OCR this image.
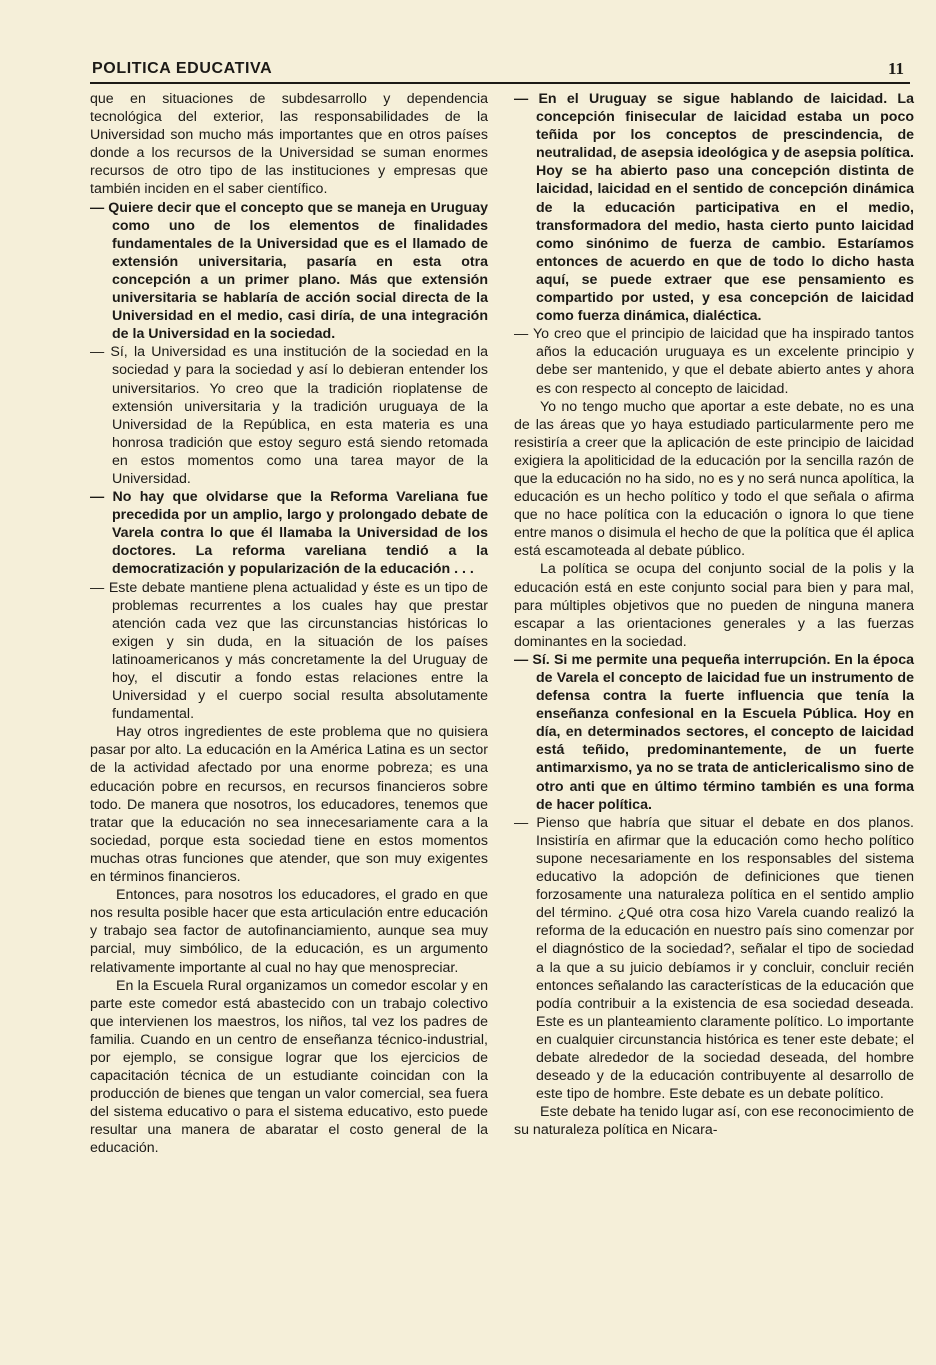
POLITICA EDUCATIVA	11

que en situaciones de subdesarrollo y dependencia tecnológica del exterior, las responsabilidades de la Universidad son mucho más importantes que en otros países donde a los recursos de la Universidad se suman enormes recursos de otro tipo de las instituciones y empresas que también inciden en el saber científico.

— Quiere decir que el concepto que se maneja en Uruguay como uno de los elementos de finalidades fundamentales de la Universidad que es el llamado de extensión universitaria, pasaría en esta otra concepción a un primer plano. Más que extensión universitaria se hablaría de acción social directa de la Universidad en el medio, casi diría, de una integración de la Universidad en la sociedad.

— Sí, la Universidad es una institución de la sociedad en la sociedad y para la sociedad y así lo debieran entender los universitarios. Yo creo que la tradición rioplatense de extensión universitaria y la tradición uruguaya de la Universidad de la República, en esta materia es una honrosa tradición que estoy seguro está siendo retomada en estos momentos como una tarea mayor de la Universidad.

— No hay que olvidarse que la Reforma Vareliana fue precedida por un amplio, largo y prolongado debate de Varela contra lo que él llamaba la Universidad de los doctores. La reforma vareliana tendió a la democratización y popularización de la educación . . .

— Este debate mantiene plena actualidad y éste es un tipo de problemas recurrentes a los cuales hay que prestar atención cada vez que las circunstancias históricas lo exigen y sin duda, en la situación de los países latinoamericanos y más concretamente la del Uruguay de hoy, el discutir a fondo estas relaciones entre la Universidad y el cuerpo social resulta absolutamente fundamental.

Hay otros ingredientes de este problema que no quisiera pasar por alto. La educación en la América Latina es un sector de la actividad afectado por una enorme pobreza; es una educación pobre en recursos, en recursos financieros sobre todo. De manera que nosotros, los educadores, tenemos que tratar que la educación no sea innecesariamente cara a la sociedad, porque esta sociedad tiene en estos momentos muchas otras funciones que atender, que son muy exigentes en términos financieros.

Entonces, para nosotros los educadores, el grado en que nos resulta posible hacer que esta articulación entre educación y trabajo sea factor de autofinanciamiento, aunque sea muy parcial, muy simbólico, de la educación, es un argumento relativamente importante al cual no hay que menospreciar.

En la Escuela Rural organizamos un comedor escolar y en parte este comedor está abastecido con un trabajo colectivo que intervienen los maestros, los niños, tal vez los padres de familia. Cuando en un centro de enseñanza técnico-industrial, por ejemplo, se consigue lograr que los ejercicios de capacitación técnica de un estudiante coincidan con la producción de bienes que tengan un valor comercial, sea fuera del sistema educativo o para el sistema educativo, esto puede resultar una manera de abaratar el costo general de la educación.

— En el Uruguay se sigue hablando de laicidad. La concepción finisecular de laicidad estaba un poco teñida por los conceptos de prescindencia, de neutralidad, de asepsia ideológica y de asepsia política. Hoy se ha abierto paso una concepción distinta de laicidad, laicidad en el sentido de concepción dinámica de la educación participativa en el medio, transformadora del medio, hasta cierto punto laicidad como sinónimo de fuerza de cambio. Estaríamos entonces de acuerdo en que de todo lo dicho hasta aquí, se puede extraer que ese pensamiento es compartido por usted, y esa concepción de laicidad como fuerza dinámica, dialéctica.

— Yo creo que el principio de laicidad que ha inspirado tantos años la educación uruguaya es un excelente principio y debe ser mantenido, y que el debate abierto antes y ahora es con respecto al concepto de laicidad.

Yo no tengo mucho que aportar a este debate, no es una de las áreas que yo haya estudiado particularmente pero me resistiría a creer que la aplicación de este principio de laicidad exigiera la apoliticidad de la educación por la sencilla razón de que la educación no ha sido, no es y no será nunca apolítica, la educación es un hecho político y todo el que señala o afirma que no hace política con la educación o ignora lo que tiene entre manos o disimula el hecho de que la política que él aplica está escamoteada al debate público.

La política se ocupa del conjunto social de la polis y la educación está en este conjunto social para bien y para mal, para múltiples objetivos que no pueden de ninguna manera escapar a las orientaciones generales y a las fuerzas dominantes en la sociedad.

— Sí. Si me permite una pequeña interrupción. En la época de Varela el concepto de laicidad fue un instrumento de defensa contra la fuerte influencia que tenía la enseñanza confesional en la Escuela Pública. Hoy en día, en determinados sectores, el concepto de laicidad está teñido, predominantemente, de un fuerte antimarxismo, ya no se trata de anticlericalismo sino de otro anti que en último término también es una forma de hacer política.

— Pienso que habría que situar el debate en dos planos. Insistiría en afirmar que la educación como hecho político supone necesariamente en los responsables del sistema educativo la adopción de definiciones que tienen forzosamente una naturaleza política en el sentido amplio del término. ¿Qué otra cosa hizo Varela cuando realizó la reforma de la educación en nuestro país sino comenzar por el diagnóstico de la sociedad?, señalar el tipo de sociedad a la que a su juicio debíamos ir y concluir, concluir recién entonces señalando las características de la educación que podía contribuir a la existencia de esa sociedad deseada. Este es un planteamiento claramente político. Lo importante en cualquier circunstancia histórica es tener este debate; el debate alrededor de la sociedad deseada, del hombre deseado y de la educación contribuyente al desarrollo de este tipo de hombre. Este debate es un debate político.

Este debate ha tenido lugar así, con ese reconocimiento de su naturaleza política en Nicara-
